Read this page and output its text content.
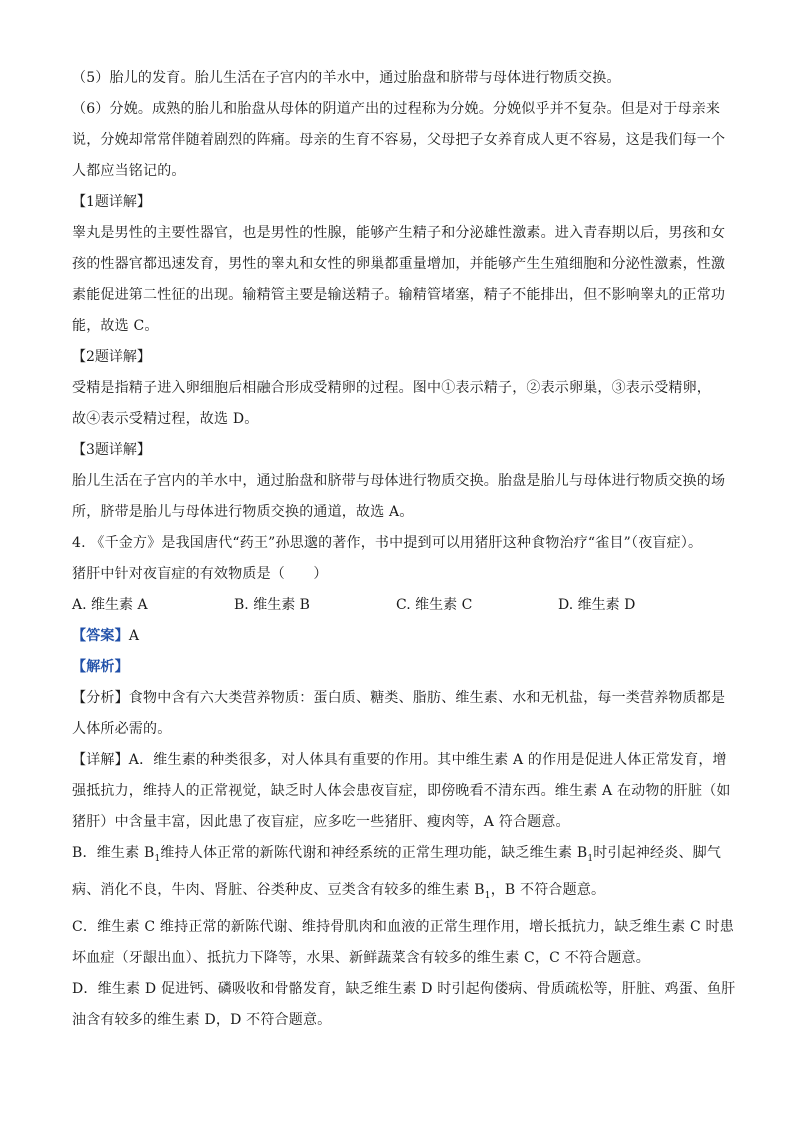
（5）胎儿的发育。胎儿生活在子宫内的羊水中，通过胎盘和脐带与母体进行物质交换。
（6）分娩。成熟的胎儿和胎盘从母体的阴道产出的过程称为分娩。分娩似乎并不复杂。但是对于母亲来
说，分娩却常常伴随着剧烈的阵痛。母亲的生育不容易，父母把子女养育成人更不容易，这是我们每一个
人都应当铭记的。
【1题详解】
睾丸是男性的主要性器官，也是男性的性腺，能够产生精子和分泌雄性激素。进入青春期以后，男孩和女
孩的性器官都迅速发育，男性的睾丸和女性的卵巢都重量增加，并能够产生生殖细胞和分泌性激素，性激
素能促进第二性征的出现。输精管主要是输送精子。输精管堵塞，精子不能排出，但不影响睾丸的正常功
能，故选 C。
【2题详解】
受精是指精子进入卵细胞后相融合形成受精卵的过程。图中①表示精子，②表示卵巢，③表示受精卵，
故④表示受精过程，故选 D。
【3题详解】
胎儿生活在子宫内的羊水中，通过胎盘和脐带与母体进行物质交换。胎盘是胎儿与母体进行物质交换的场
所，脐带是胎儿与母体进行物质交换的通道，故选 A。
4. 《千金方》是我国唐代“药王”孙思邈的著作，书中提到可以用猪肝这种食物治疗“雀目”（夜盲症）。
猪肝中针对夜盲症的有效物质是（　　）
A. 维生素 A	B. 维生素 B	C. 维生素 C	D. 维生素 D
【答案】A
【解析】
【分析】食物中含有六大类营养物质：蛋白质、糖类、脂肪、维生素、水和无机盐，每一类营养物质都是
人体所必需的。
【详解】A．维生素的种类很多，对人体具有重要的作用。其中维生素 A 的作用是促进人体正常发育，增
强抵抗力，维持人的正常视觉，缺乏时人体会患夜盲症，即傍晚看不清东西。维生素 A 在动物的肝脏（如
猪肝）中含量丰富，因此患了夜盲症，应多吃一些猪肝、瘦肉等，A 符合题意。
B．维生素 $B_1$维持人体正常的新陈代谢和神经系统的正常生理功能，缺乏维生素 $B_1$时引起神经炎、脚气
病、消化不良，牛肉、肾脏、谷类种皮、豆类含有较多的维生素 $B_1$，B 不符合题意。
C．维生素 C 维持正常的新陈代谢、维持骨肌肉和血液的正常生理作用，增长抵抗力，缺乏维生素 C 时患
坏血症（牙龈出血）、抵抗力下降等，水果、新鲜蔬菜含有较多的维生素 C，C 不符合题意。
D．维生素 D 促进钙、磷吸收和骨骼发育，缺乏维生素 D 时引起佝偻病、骨质疏松等，肝脏、鸡蛋、鱼肝
油含有较多的维生素 D，D 不符合题意。
